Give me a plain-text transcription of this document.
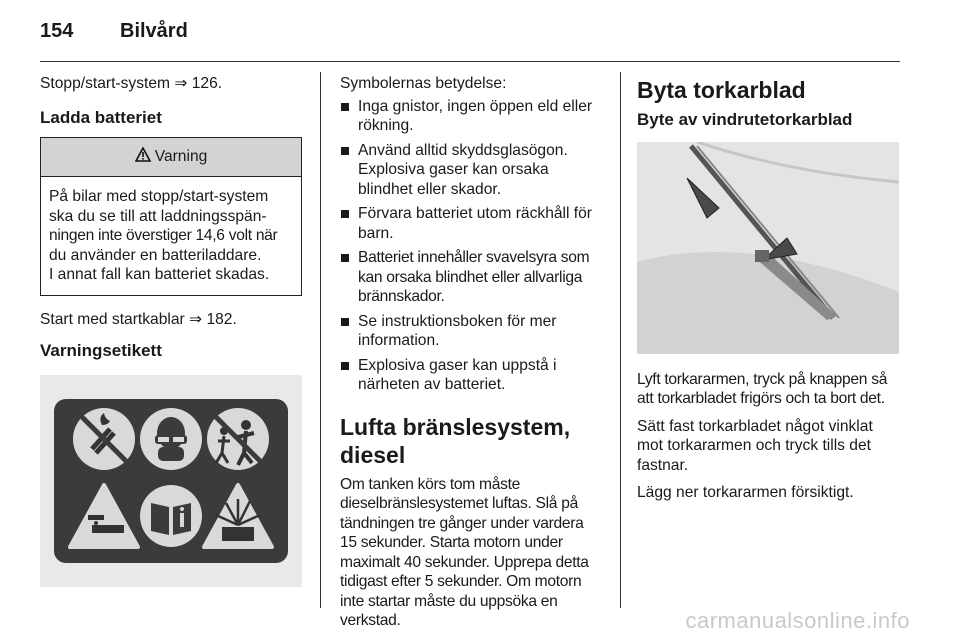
154 Bilvård

Stopp/start-system ⇒ 126.

Ladda batteriet
Varning
På bilar med stopp/start-system
ska du se till att laddningsspän-
ningen inte överstiger 14,6 volt när
du använder en batteriladdare.
I annat fall kan batteriet skadas.

Start med startkablar ⇒ 182.

Varningsetikett

Symbolernas betydelse:

Inga gnistor, ingen öppen eld eller rökning.
Använd alltid skyddsglasögon. Explosiva gaser kan orsaka blindhet eller skador.
Förvara batteriet utom räckhåll för barn.
Batteriet innehåller svavelsyra som kan orsaka blindhet eller allvarliga brännskador.
Se instruktionsboken för mer information.
Explosiva gaser kan uppstå i närheten av batteriet.
Lufta bränslesystem, diesel

Om tanken körs tom måste dieselbränslesystemet luftas. Slå på tändningen tre gånger under vardera 15 sekunder. Starta motorn under maximalt 40 sekunder. Upprepa detta tidigast efter 5 sekunder. Om motorn inte startar måste du uppsöka en verkstad.

Byta torkarblad
Byte av vindrutetorkarblad

Lyft torkararmen, tryck på knappen så att torkarbladet frigörs och ta bort det.

Sätt fast torkarbladet något vinklat mot torkararmen och tryck tills det fastnar.

Lägg ner torkararmen försiktigt.

carmanualsonline.info
